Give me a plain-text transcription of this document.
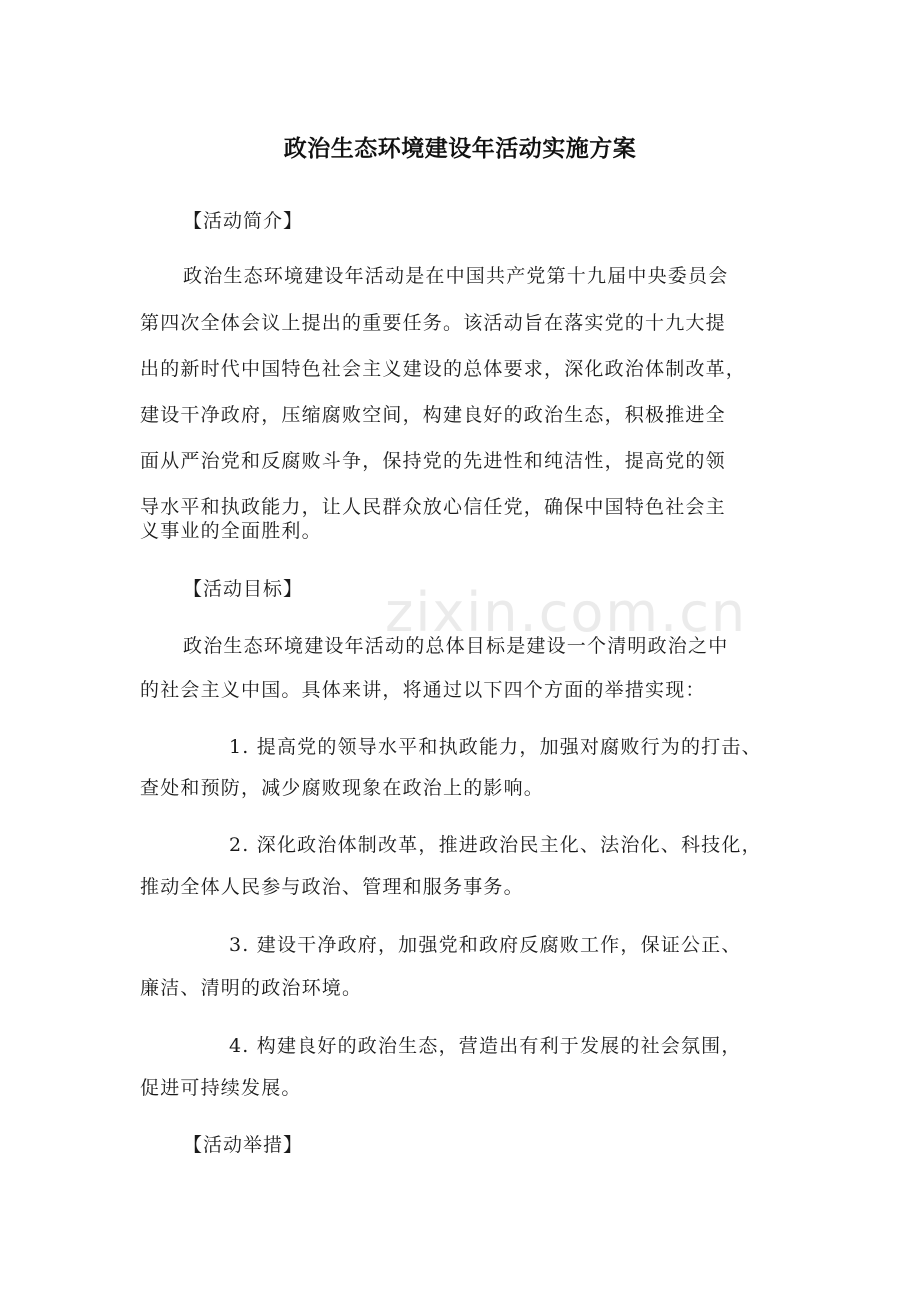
zixin.com.cn
政治生态环境建设年活动实施方案
【活动简介】
政治生态环境建设年活动是在中国共产党第十九届中央委员会
第四次全体会议上提出的重要任务。该活动旨在落实党的十九大提
出的新时代中国特色社会主义建设的总体要求，深化政治体制改革，
建设干净政府，压缩腐败空间，构建良好的政治生态，积极推进全
面从严治党和反腐败斗争，保持党的先进性和纯洁性，提高党的领
导水平和执政能力，让人民群众放心信任党，确保中国特色社会主
义事业的全面胜利。
【活动目标】
政治生态环境建设年活动的总体目标是建设一个清明政治之中
的社会主义中国。具体来讲，将通过以下四个方面的举措实现：
1. 提高党的领导水平和执政能力，加强对腐败行为的打击、
查处和预防，减少腐败现象在政治上的影响。
2. 深化政治体制改革，推进政治民主化、法治化、科技化，
推动全体人民参与政治、管理和服务事务。
3. 建设干净政府，加强党和政府反腐败工作，保证公正、
廉洁、清明的政治环境。
4. 构建良好的政治生态，营造出有利于发展的社会氛围，
促进可持续发展。
【活动举措】
